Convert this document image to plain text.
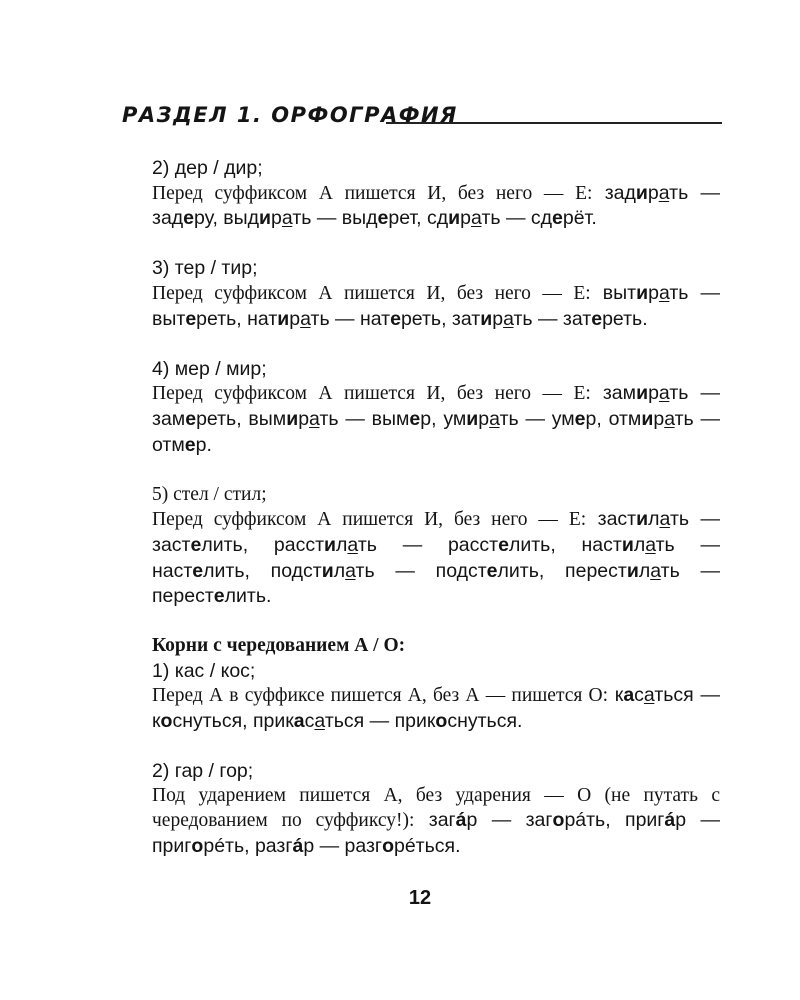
РАЗДЕЛ 1. ОРФОГРАФИЯ
2) дер / дир;
Перед суффиксом А пишется И, без него — Е: задирать — задеру, выдирать — выдерет, сдирать — сдерёт.
3) тер / тир;
Перед суффиксом А пишется И, без него — Е: вытирать — вытереть, натирать — натереть, затирать — затереть.
4) мер / мир;
Перед суффиксом А пишется И, без него — Е: замирать — замереть, вымирать — вымер, умирать — умер, отмирать — отмер.
5) стел / стил;
Перед суффиксом А пишется И, без него — Е: застилать — застелить, расстилать — расстелить, настилать — настелить, подстилать — подстелить, перестилать — перестелить.
Корни с чередованием А / О:
1) кас / кос;
Перед А в суффиксе пишется А, без А — пишется О: касаться — коснуться, прикасаться — прикоснуться.
2) гар / гор;
Под ударением пишется А, без ударения — О (не путать с чередованием по суффиксу!): загáр — загорáть, пригáр — пригорéть, разгáр — разгорéться.
12
